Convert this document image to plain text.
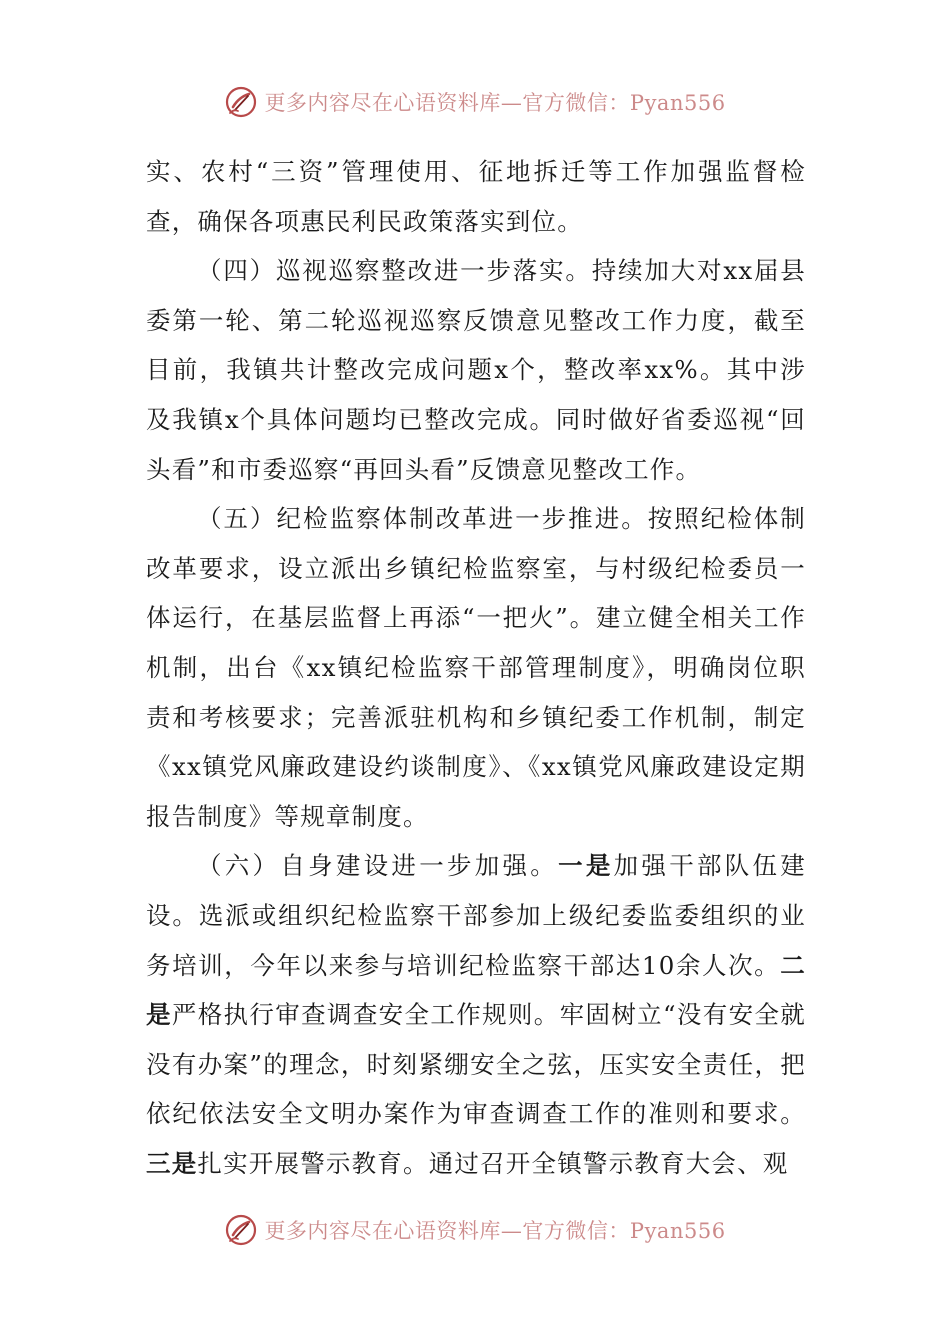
更多内容尽在心语资料库—官方微信：Pyan556

实、农村“三资”管理使用、征地拆迁等工作加强监督检查，确保各项惠民利民政策落实到位。

（四）巡视巡察整改进一步落实。持续加大对xx届县委第一轮、第二轮巡视巡察反馈意见整改工作力度，截至目前，我镇共计整改完成问题x个，整改率xx%。其中涉及我镇x个具体问题均已整改完成。同时做好省委巡视“回头看”和市委巡察“再回头看”反馈意见整改工作。

（五）纪检监察体制改革进一步推进。按照纪检体制改革要求，设立派出乡镇纪检监察室，与村级纪检委员一体运行，在基层监督上再添“一把火”。建立健全相关工作机制，出台《xx镇纪检监察干部管理制度》，明确岗位职责和考核要求；完善派驻机构和乡镇纪委工作机制，制定《xx镇党风廉政建设约谈制度》、《xx镇党风廉政建设定期报告制度》等规章制度。

（六）自身建设进一步加强。一是加强干部队伍建设。选派或组织纪检监察干部参加上级纪委监委组织的业务培训，今年以来参与培训纪检监察干部达10余人次。二是严格执行审查调查安全工作规则。牢固树立“没有安全就没有办案”的理念，时刻紧绷安全之弦，压实安全责任，把依纪依法安全文明办案作为审查调查工作的准则和要求。三是扎实开展警示教育。通过召开全镇警示教育大会、观

更多内容尽在心语资料库—官方微信：Pyan556
